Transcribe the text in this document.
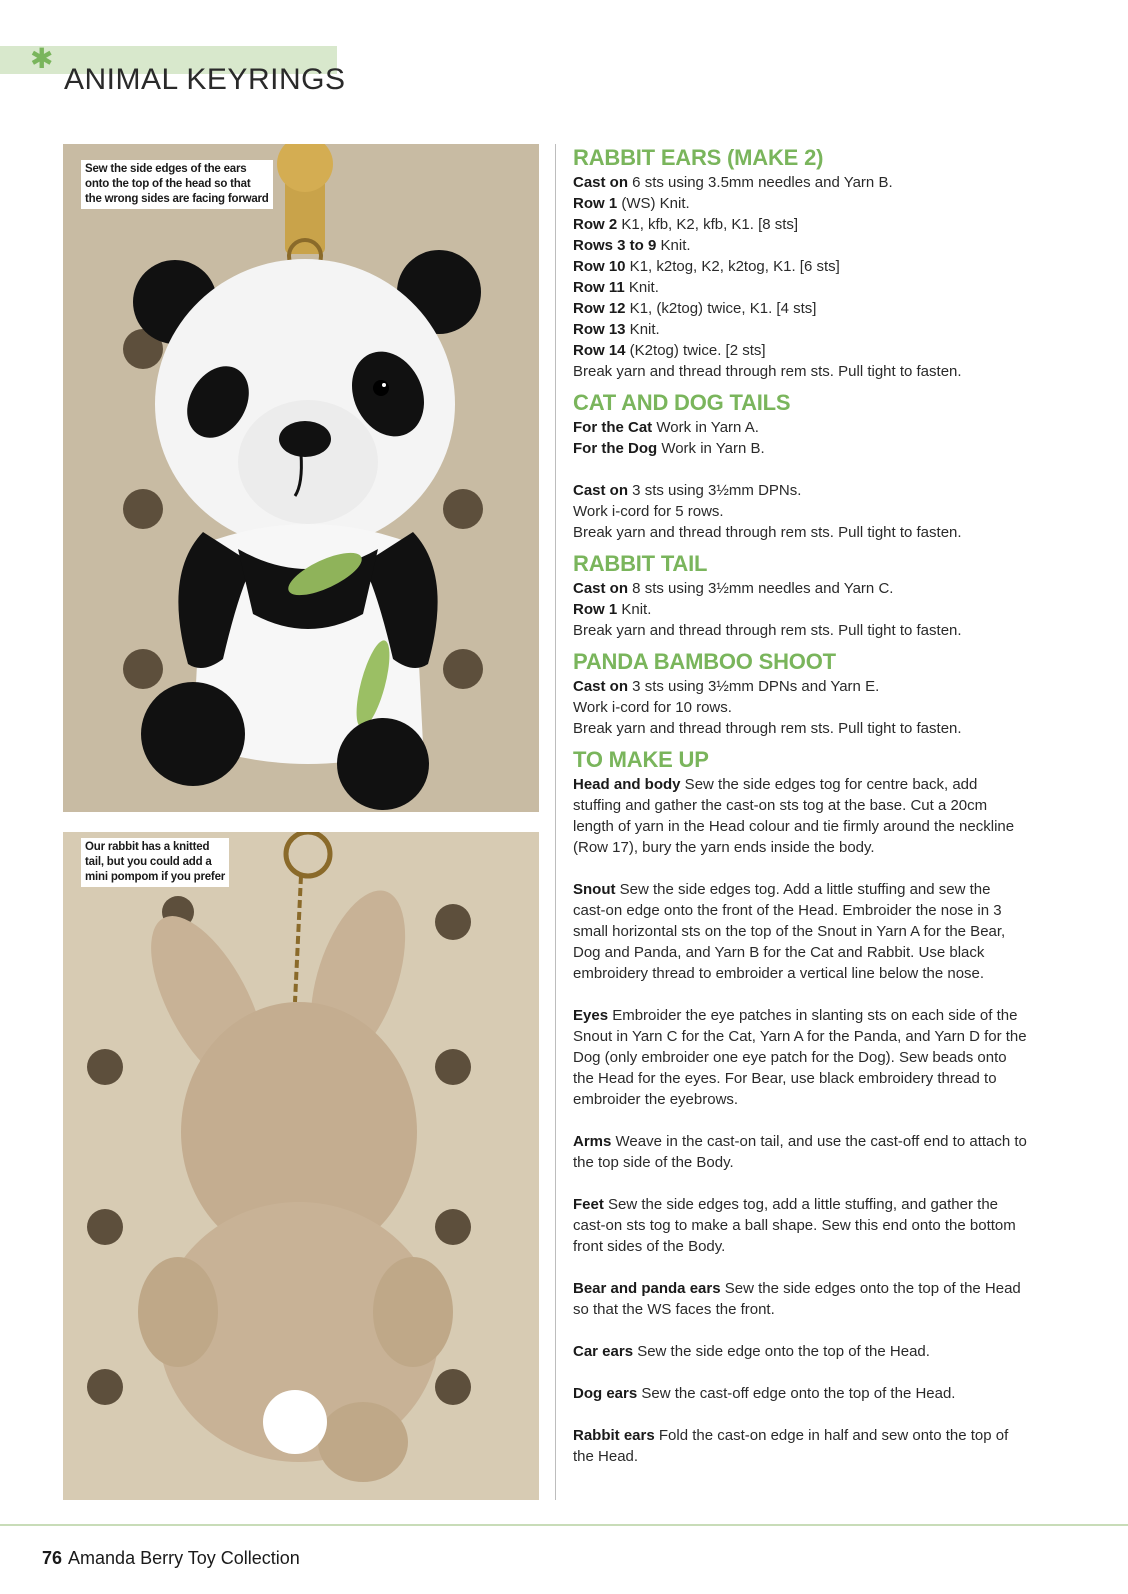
✱
ANIMAL KEYRINGS
Sew the side edges of the ears
onto the top of the head so that
the wrong sides are facing forward
Our rabbit has a knitted
tail, but you could add a
mini pompom if you prefer
RABBIT EARS (MAKE 2)

Cast on 6 sts using 3.5mm needles and Yarn B.

Row 1 (WS) Knit.

Row 2 K1, kfb, K2, kfb, K1. [8 sts]

Rows 3 to 9 Knit.

Row 10 K1, k2tog, K2, k2tog, K1. [6 sts]

Row 11 Knit.

Row 12 K1, (k2tog) twice, K1. [4 sts]

Row 13 Knit.

Row 14 (K2tog) twice. [2 sts]

Break yarn and thread through rem sts. Pull tight to fasten.

CAT AND DOG TAILS

For the Cat Work in Yarn A.

For the Dog Work in Yarn B.

Cast on 3 sts using 3½mm DPNs.

Work i-cord for 5 rows.

Break yarn and thread through rem sts. Pull tight to fasten.

RABBIT TAIL

Cast on 8 sts using 3½mm needles and Yarn C.

Row 1 Knit.

Break yarn and thread through rem sts. Pull tight to fasten.

PANDA BAMBOO SHOOT

Cast on 3 sts using 3½mm DPNs and Yarn E.

Work i-cord for 10 rows.

Break yarn and thread through rem sts. Pull tight to fasten.

TO MAKE UP

Head and body Sew the side edges tog for centre back, add

stuffing and gather the cast-on sts tog at the base. Cut a 20cm

length of yarn in the Head colour and tie firmly around the neckline

(Row 17), bury the yarn ends inside the body.

Snout Sew the side edges tog. Add a little stuffing and sew the

cast-on edge onto the front of the Head. Embroider the nose in 3

small horizontal sts on the top of the Snout in Yarn A for the Bear,

Dog and Panda, and Yarn B for the Cat and Rabbit. Use black

embroidery thread to embroider a vertical line below the nose.

Eyes Embroider the eye patches in slanting sts on each side of the

Snout in Yarn C for the Cat, Yarn A for the Panda, and Yarn D for the

Dog (only embroider one eye patch for the Dog). Sew beads onto

the Head for the eyes. For Bear, use black embroidery thread to

embroider the eyebrows.

Arms Weave in the cast-on tail, and use the cast-off end to attach to

the top side of the Body.

Feet Sew the side edges tog, add a little stuffing, and gather the

cast-on sts tog to make a ball shape. Sew this end onto the bottom

front sides of the Body.

Bear and panda ears Sew the side edges onto the top of the Head

so that the WS faces the front.

Car ears Sew the side edge onto the top of the Head.

Dog ears Sew the cast-off edge onto the top of the Head.

Rabbit ears Fold the cast-on edge in half and sew onto the top of

the Head.

76 Amanda Berry Toy Collection
